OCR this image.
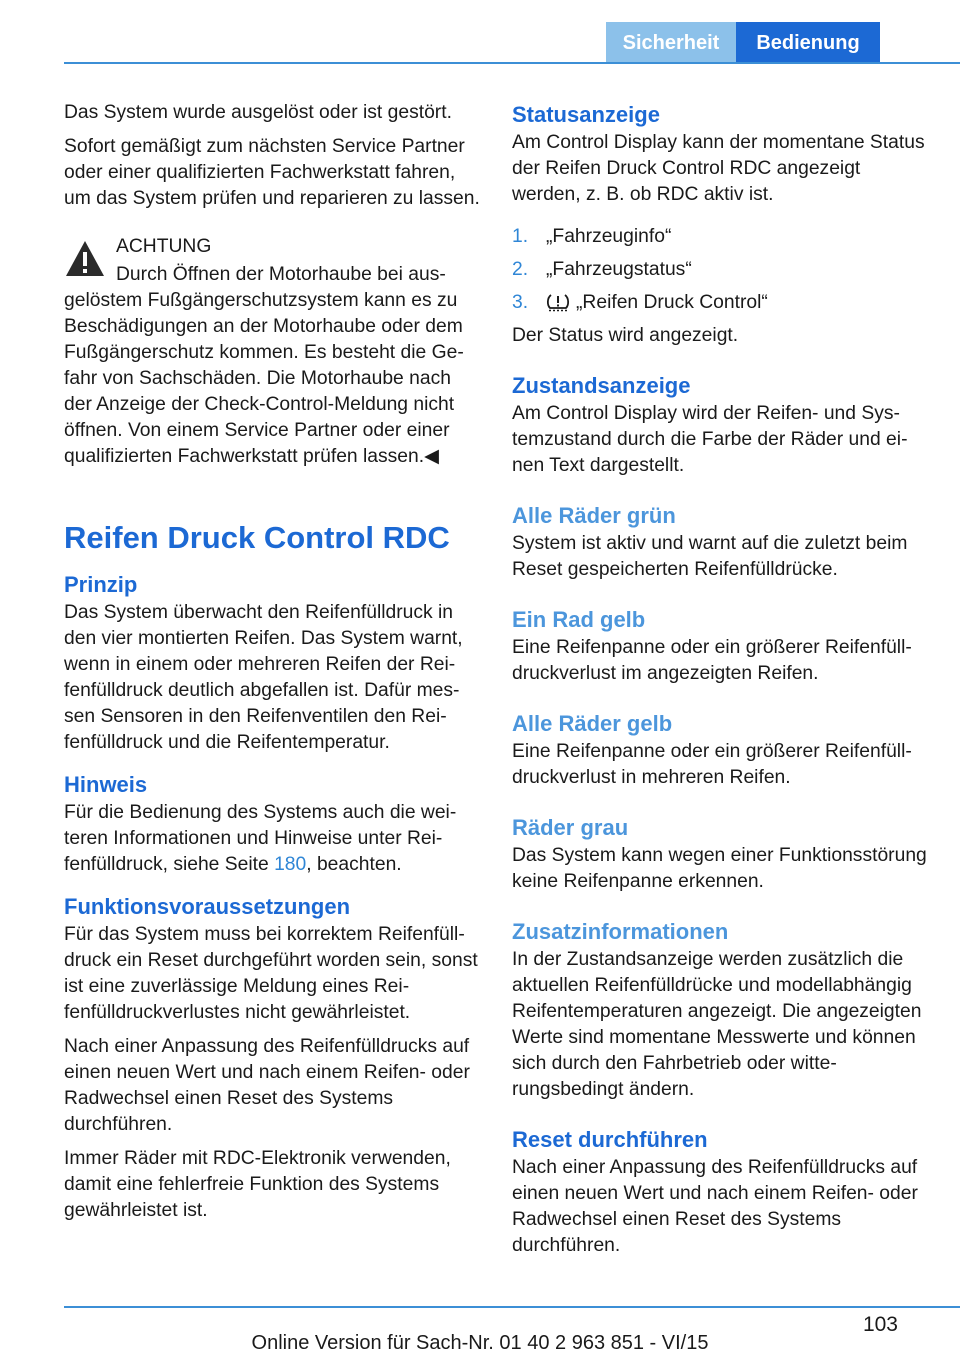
Sicherheit	Bedienung

Das System wurde ausgelöst oder ist gestört.

Sofort gemäßigt zum nächsten Service Partner oder einer qualifizierten Fachwerkstatt fahren, um das System prüfen und reparieren zu lassen.

ACHTUNG

Durch Öffnen der Motorhaube bei ausgelöstem Fußgängerschutzsystem kann es zu Beschädigungen an der Motorhaube oder dem Fußgängerschutz kommen. Es besteht die Gefahr von Sachschäden. Die Motorhaube nach der Anzeige der Check-Control-Meldung nicht öffnen. Von einem Service Partner oder einer qualifizierten Fachwerkstatt prüfen lassen.◀

Reifen Druck Control RDC
Prinzip

Das System überwacht den Reifenfülldruck in den vier montierten Reifen. Das System warnt, wenn in einem oder mehreren Reifen der Reifenfülldruck deutlich abgefallen ist. Dafür messen Sensoren in den Reifenventilen den Reifenfülldruck und die Reifentemperatur.

Hinweis

Für die Bedienung des Systems auch die weiteren Informationen und Hinweise unter Reifenfülldruck, siehe Seite 180, beachten.

Funktionsvoraussetzungen

Für das System muss bei korrektem Reifenfülldruck ein Reset durchgeführt worden sein, sonst ist eine zuverlässige Meldung eines Reifenfülldruckverlustes nicht gewährleistet.

Nach einer Anpassung des Reifenfülldrucks auf einen neuen Wert und nach einem Reifen- oder Radwechsel einen Reset des Systems durchführen.

Immer Räder mit RDC-Elektronik verwenden, damit eine fehlerfreie Funktion des Systems gewährleistet ist.

Statusanzeige

Am Control Display kann der momentane Status der Reifen Druck Control RDC angezeigt werden, z. B. ob RDC aktiv ist.

1. „Fahrzeuginfo“
2. „Fahrzeugstatus“
3. „Reifen Druck Control“

Der Status wird angezeigt.

Zustandsanzeige

Am Control Display wird der Reifen- und Systemzustand durch die Farbe der Räder und einen Text dargestellt.

Alle Räder grün

System ist aktiv und warnt auf die zuletzt beim Reset gespeicherten Reifenfülldrücke.

Ein Rad gelb

Eine Reifenpanne oder ein größerer Reifenfülldruckverlust im angezeigten Reifen.

Alle Räder gelb

Eine Reifenpanne oder ein größerer Reifenfülldruckverlust in mehreren Reifen.

Räder grau

Das System kann wegen einer Funktionsstörung keine Reifenpanne erkennen.

Zusatzinformationen

In der Zustandsanzeige werden zusätzlich die aktuellen Reifenfülldrücke und modellabhängig Reifentemperaturen angezeigt. Die angezeigten Werte sind momentane Messwerte und können sich durch den Fahrbetrieb oder witterungsbedingt ändern.

Reset durchführen

Nach einer Anpassung des Reifenfülldrucks auf einen neuen Wert und nach einem Reifen- oder Radwechsel einen Reset des Systems durchführen.

103
Online Version für Sach-Nr. 01 40 2 963 851 - VI/15
